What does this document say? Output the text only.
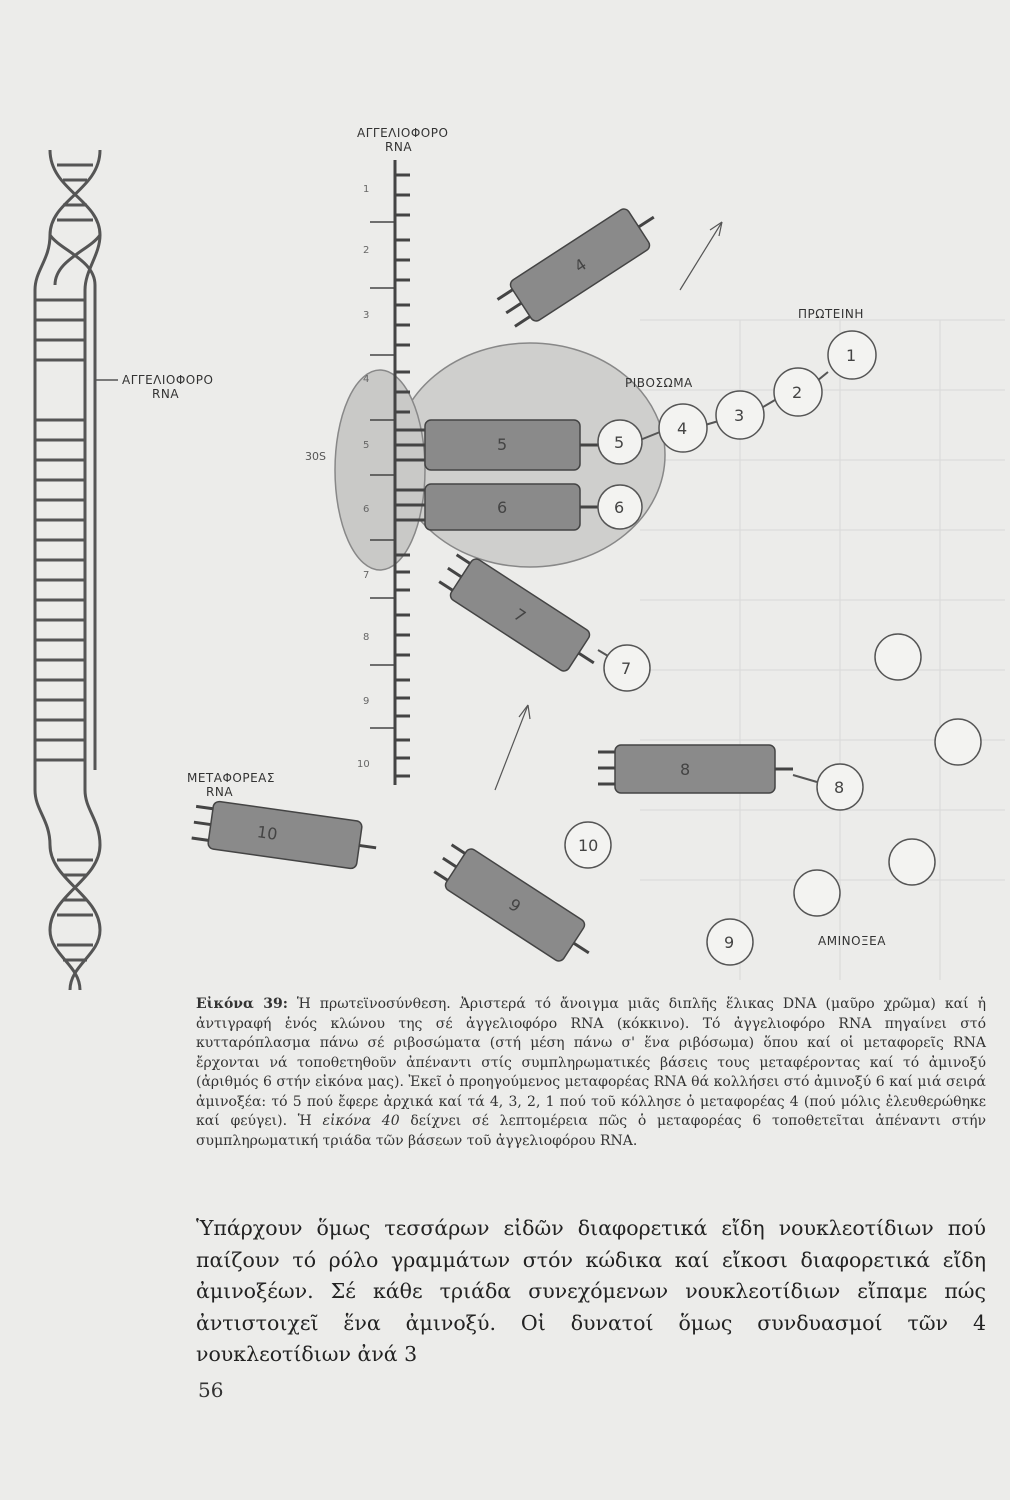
ΑΓΓΕΛΙΟΦΟΡΟ
RNA
ΡΙΒΟΣΩΜΑ
30S
ΑΓΓΕΛΙΟΦΟΡΟ
RNA
1
2
3
4
5
6
7
8
9
10
5
6
4
7
8
9
ΜΕΤΑΦΟΡΕΑΣ
RNA
10
ΠΡΩΤΕΙΝΗ
1
2
3
4
5
6
7
8
9
10
ΑΜΙΝΟΞΕΑ
Εἰκόνα 39: Ἡ πρωτεϊνοσύνθεση. Ἀριστερά τό ἄνοιγμα μιᾶς διπλῆς ἕλικας DNA (μαῦρο χρῶμα) καί ἡ ἀντιγραφή ἑνός κλώνου της σέ ἀγγελιοφόρο RNA (κόκκινο). Τό ἀγγελιοφόρο RNA πηγαίνει στό κυτταρόπλασμα πάνω σέ ριβοσώματα (στή μέση πάνω σ' ἕνα ριβόσωμα) ὅπου καί οἱ μεταφορεῖς RNA ἔρχονται νά τοποθετηθοῦν ἀπέναντι στίς συμπληρωματικές βάσεις τους μεταφέροντας καί τό ἀμινοξύ (ἀριθμός 6 στήν εἰκόνα μας). Ἐκεῖ ὁ προηγούμενος μεταφορέας RNA θά κολλήσει στό ἀμινοξύ 6 καί μιά σειρά ἀμινοξέα: τό 5 πού ἔφερε ἀρχικά καί τά 4, 3, 2, 1 πού τοῦ κόλλησε ὁ μεταφορέας 4 (πού μόλις ἐλευθερώθηκε καί φεύγει). Ἡ εἰκόνα 40 δείχνει σέ λεπτομέρεια πῶς ὁ μεταφορέας 6 τοποθετεῖται ἀπέναντι στήν συμπληρωματική τριάδα τῶν βάσεων τοῦ ἀγγελιοφόρου RNA.
Ὑπάρχουν ὅμως τεσσάρων εἰδῶν διαφορετικά εἴδη νουκλεοτίδιων πού παίζουν τό ρόλο γραμμάτων στόν κώδικα καί εἴκοσι διαφορετικά εἴδη ἀμινοξέων. Σέ κάθε τριάδα συνεχόμενων νουκλεοτίδιων εἴπαμε πώς ἀντιστοιχεῖ ἕνα ἀμινοξύ. Οἱ δυνατοί ὅμως συνδυασμοί τῶν 4 νουκλεοτίδιων ἀνά 3
56
